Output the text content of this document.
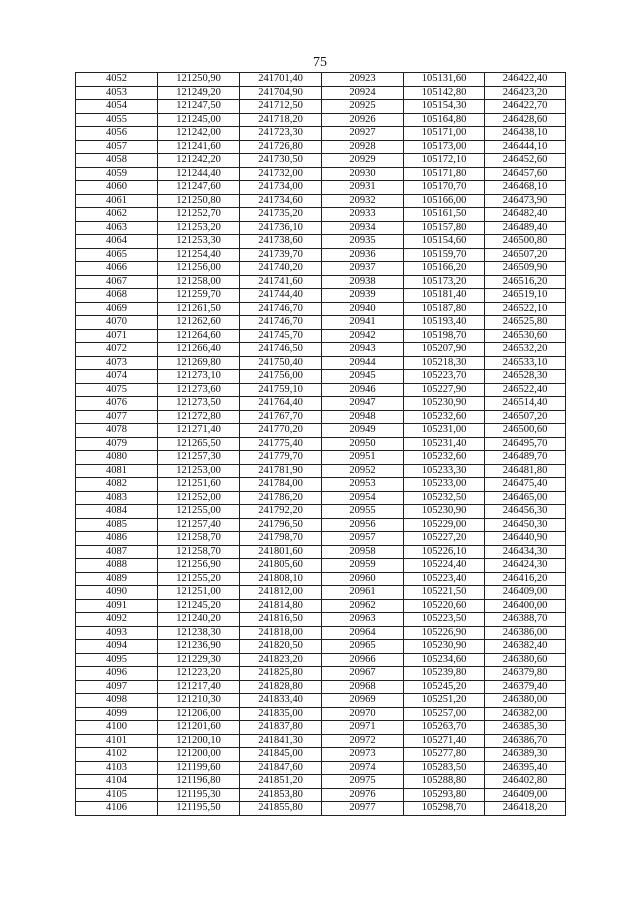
75
4052	121250,90	241701,40	20923	105131,60	246422,40
4053	121249,20	241704,90	20924	105142,80	246423,20
4054	121247,50	241712,50	20925	105154,30	246422,70
4055	121245,00	241718,20	20926	105164,80	246428,60
4056	121242,00	241723,30	20927	105171,00	246438,10
4057	121241,60	241726,80	20928	105173,00	246444,10
4058	121242,20	241730,50	20929	105172,10	246452,60
4059	121244,40	241732,00	20930	105171,80	246457,60
4060	121247,60	241734,00	20931	105170,70	246468,10
4061	121250,80	241734,60	20932	105166,00	246473,90
4062	121252,70	241735,20	20933	105161,50	246482,40
4063	121253,20	241736,10	20934	105157,80	246489,40
4064	121253,30	241738,60	20935	105154,60	246500,80
4065	121254,40	241739,70	20936	105159,70	246507,20
4066	121256,00	241740,20	20937	105166,20	246509,90
4067	121258,00	241741,60	20938	105173,20	246516,20
4068	121259,70	241744,40	20939	105181,40	246519,10
4069	121261,50	241746,70	20940	105187,80	246522,10
4070	121262,60	241746,70	20941	105193,40	246525,80
4071	121264,60	241745,70	20942	105198,70	246530,60
4072	121266,40	241746,50	20943	105207,90	246532,20
4073	121269,80	241750,40	20944	105218,30	246533,10
4074	121273,10	241756,00	20945	105223,70	246528,30
4075	121273,60	241759,10	20946	105227,90	246522,40
4076	121273,50	241764,40	20947	105230,90	246514,40
4077	121272,80	241767,70	20948	105232,60	246507,20
4078	121271,40	241770,20	20949	105231,00	246500,60
4079	121265,50	241775,40	20950	105231,40	246495,70
4080	121257,30	241779,70	20951	105232,60	246489,70
4081	121253,00	241781,90	20952	105233,30	246481,80
4082	121251,60	241784,00	20953	105233,00	246475,40
4083	121252,00	241786,20	20954	105232,50	246465,00
4084	121255,00	241792,20	20955	105230,90	246456,30
4085	121257,40	241796,50	20956	105229,00	246450,30
4086	121258,70	241798,70	20957	105227,20	246440,90
4087	121258,70	241801,60	20958	105226,10	246434,30
4088	121256,90	241805,60	20959	105224,40	246424,30
4089	121255,20	241808,10	20960	105223,40	246416,20
4090	121251,00	241812,00	20961	105221,50	246409,00
4091	121245,20	241814,80	20962	105220,60	246400,00
4092	121240,20	241816,50	20963	105223,50	246388,70
4093	121238,30	241818,00	20964	105226,90	246386,00
4094	121236,90	241820,50	20965	105230,90	246382,40
4095	121229,30	241823,20	20966	105234,60	246380,60
4096	121223,20	241825,80	20967	105239,80	246379,80
4097	121217,40	241828,80	20968	105245,20	246379,40
4098	121210,30	241833,40	20969	105251,20	246380,00
4099	121206,00	241835,00	20970	105257,00	246382,00
4100	121201,60	241837,80	20971	105263,70	246385,30
4101	121200,10	241841,30	20972	105271,40	246386,70
4102	121200,00	241845,00	20973	105277,80	246389,30
4103	121199,60	241847,60	20974	105283,50	246395,40
4104	121196,80	241851,20	20975	105288,80	246402,80
4105	121195,30	241853,80	20976	105293,80	246409,00
4106	121195,50	241855,80	20977	105298,70	246418,20
